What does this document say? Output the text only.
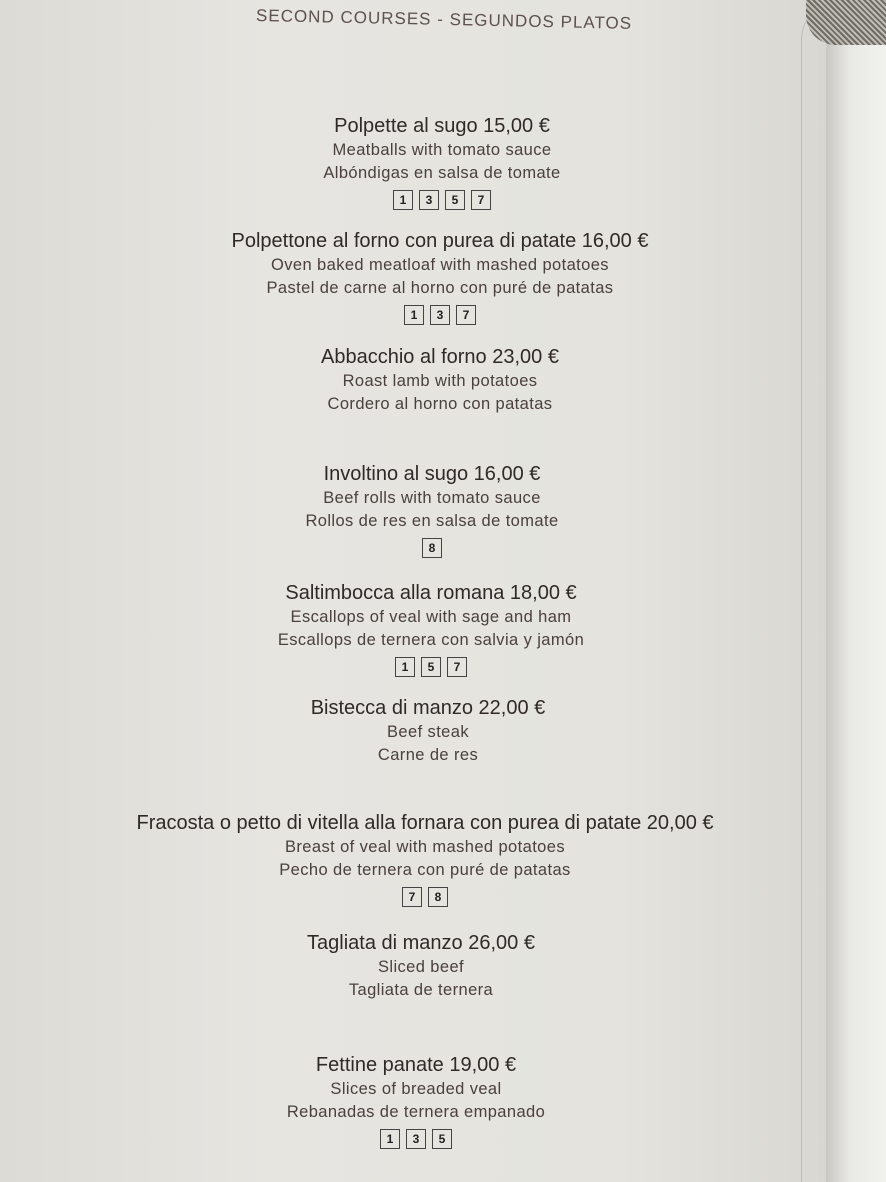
SECOND COURSES - SEGUNDOS PLATOS
Polpette al sugo 15,00 €
Meatballs with tomato sauce
Albóndigas en salsa de tomate
1	3	5	7
Polpettone al forno con purea di patate 16,00 €
Oven baked meatloaf with mashed potatoes
Pastel de carne al horno con puré de patatas
1	3	7
Abbacchio al forno 23,00 €
Roast lamb with potatoes
Cordero al horno con patatas
Involtino al sugo 16,00 €
Beef rolls with tomato sauce
Rollos de res en salsa de tomate
8
Saltimbocca alla romana 18,00 €
Escallops of veal with sage and ham
Escallops de ternera con salvia y jamón
1	5	7
Bistecca di manzo 22,00 €
Beef steak
Carne de res
Fracosta o petto di vitella alla fornara con purea di patate 20,00 €
Breast of veal with mashed potatoes
Pecho de ternera con puré de patatas
7	8
Tagliata di manzo 26,00 €
Sliced beef
Tagliata de ternera
Fettine panate 19,00 €
Slices of breaded veal
Rebanadas de ternera empanado
1	3	5
